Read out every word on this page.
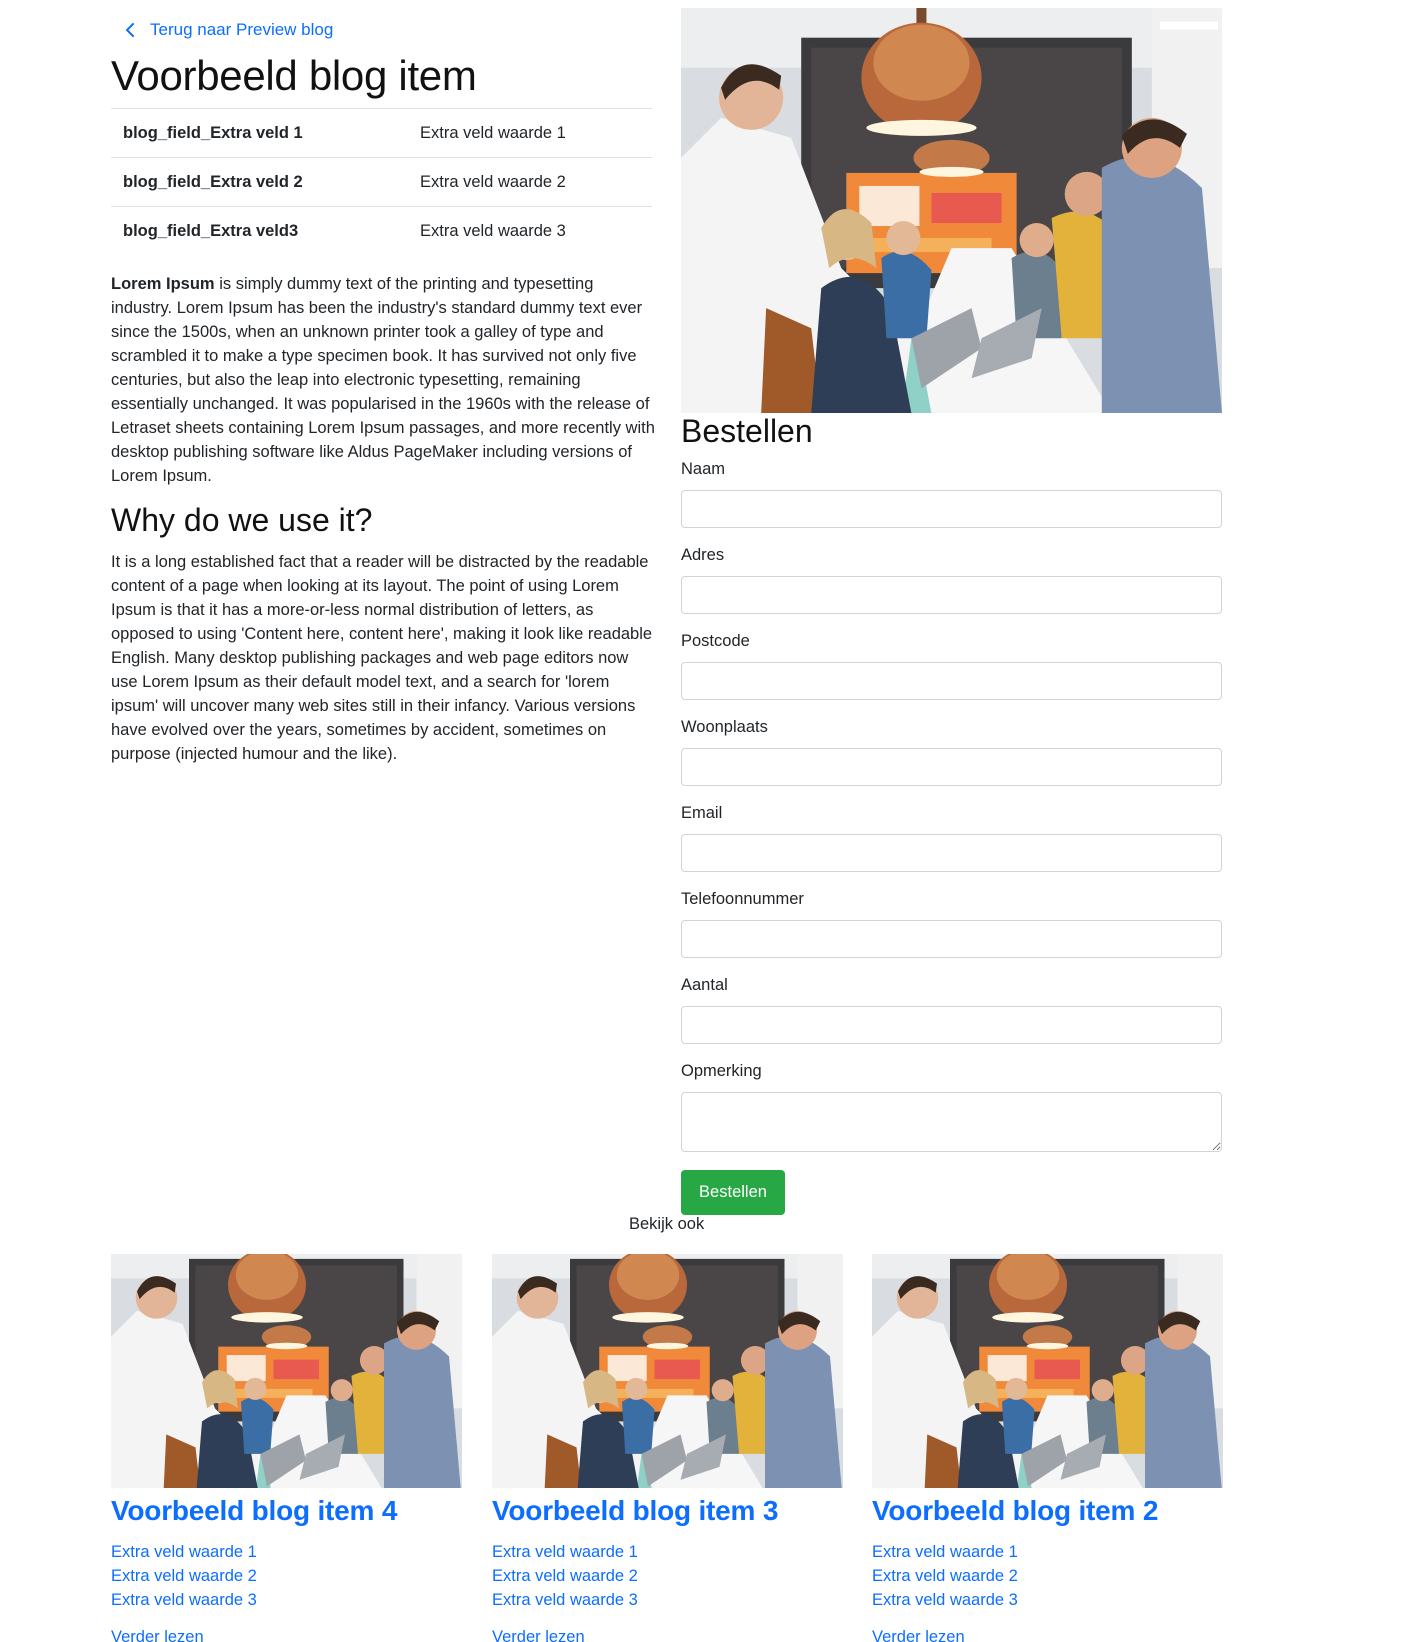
Terug naar Preview blog
Voorbeeld blog item
blog_field_Extra veld 1	Extra veld waarde 1
blog_field_Extra veld 2	Extra veld waarde 2
blog_field_Extra veld3	Extra veld waarde 3

Lorem Ipsum is simply dummy text of the printing and typesetting industry. Lorem Ipsum has been the industry's standard dummy text ever since the 1500s, when an unknown printer took a galley of type and scrambled it to make a type specimen book. It has survived not only five centuries, but also the leap into electronic typesetting, remaining essentially unchanged. It was popularised in the 1960s with the release of Letraset sheets containing Lorem Ipsum passages, and more recently with desktop publishing software like Aldus PageMaker including versions of Lorem Ipsum.

Why do we use it?

It is a long established fact that a reader will be distracted by the readable content of a page when looking at its layout. The point of using Lorem Ipsum is that it has a more-or-less normal distribution of letters, as opposed to using 'Content here, content here', making it look like readable English. Many desktop publishing packages and web page editors now use Lorem Ipsum as their default model text, and a search for 'lorem ipsum' will uncover many web sites still in their infancy. Various versions have evolved over the years, sometimes by accident, sometimes on purpose (injected humour and the like).

Bestellen
Naam
Adres
Postcode
Woonplaats
Email
Telefoonnummer
Aantal
Opmerking
Bestellen
Bekijk ook
Voorbeeld blog item 4
Extra veld waarde 1
Extra veld waarde 2
Extra veld waarde 3
Verder lezen
Voorbeeld blog item 3
Extra veld waarde 1
Extra veld waarde 2
Extra veld waarde 3
Verder lezen
Voorbeeld blog item 2
Extra veld waarde 1
Extra veld waarde 2
Extra veld waarde 3
Verder lezen
